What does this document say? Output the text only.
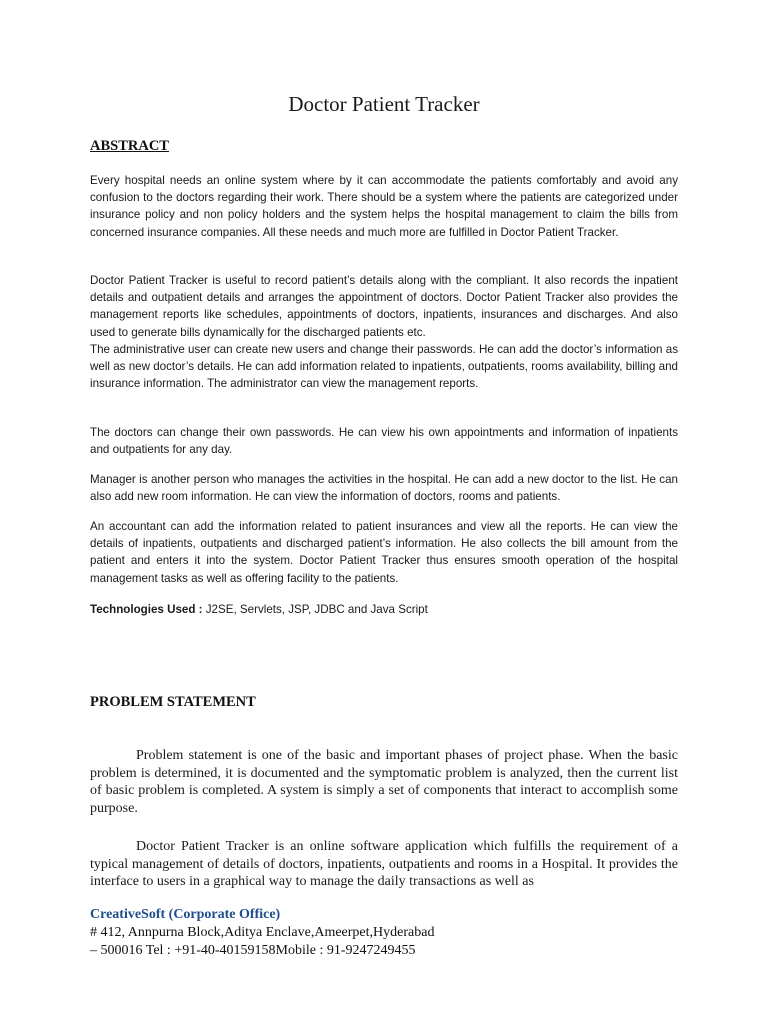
Doctor Patient Tracker
ABSTRACT
Every hospital needs an online system where by it can accommodate the patients comfortably and avoid any confusion to the doctors regarding their work. There should be a system where the patients are categorized under insurance policy and non policy holders and the system helps the hospital management to claim the bills from concerned insurance companies. All these needs and much more are fulfilled in Doctor Patient Tracker.
Doctor Patient Tracker is useful to record patient’s details along with the compliant. It also records the inpatient details and outpatient details and arranges the appointment of doctors. Doctor Patient Tracker also provides the management reports like schedules, appointments of doctors, inpatients, insurances and discharges. And also used to generate bills dynamically for the discharged patients etc.
The administrative user can create new users and change their passwords. He can add the doctor’s information as well as new doctor’s details. He can add information related to inpatients, outpatients, rooms availability, billing and insurance information. The administrator can view the management reports.
The doctors can change their own passwords. He can view his own appointments and information of inpatients and outpatients for any day.
Manager is another person who manages the activities in the hospital. He can add a new doctor to the list. He can also add new room information. He can view the information of doctors, rooms and patients.
An accountant can add the information related to patient insurances and view all the reports. He can view the details of inpatients, outpatients and discharged patient’s information. He also collects the bill amount from the patient and enters it into the system. Doctor Patient Tracker thus ensures smooth operation of the hospital management tasks as well as offering facility to the patients.
Technologies Used : J2SE, Servlets, JSP, JDBC and Java Script
PROBLEM STATEMENT
Problem statement is one of the basic and important phases of project phase. When the basic problem is determined, it is documented and the symptomatic problem is analyzed, then the current list of basic problem is completed. A system is simply a set of components that interact to accomplish some purpose.
Doctor Patient Tracker is an online software application which fulfills the requirement of a typical management of details of doctors, inpatients, outpatients and rooms in a Hospital. It provides the interface to users in a graphical way to manage the daily transactions as well as
CreativeSoft (Corporate Office)
# 412, Annpurna Block,Aditya Enclave,Ameerpet,Hyderabad
– 500016 Tel : +91-40-40159158Mobile : 91-9247249455
